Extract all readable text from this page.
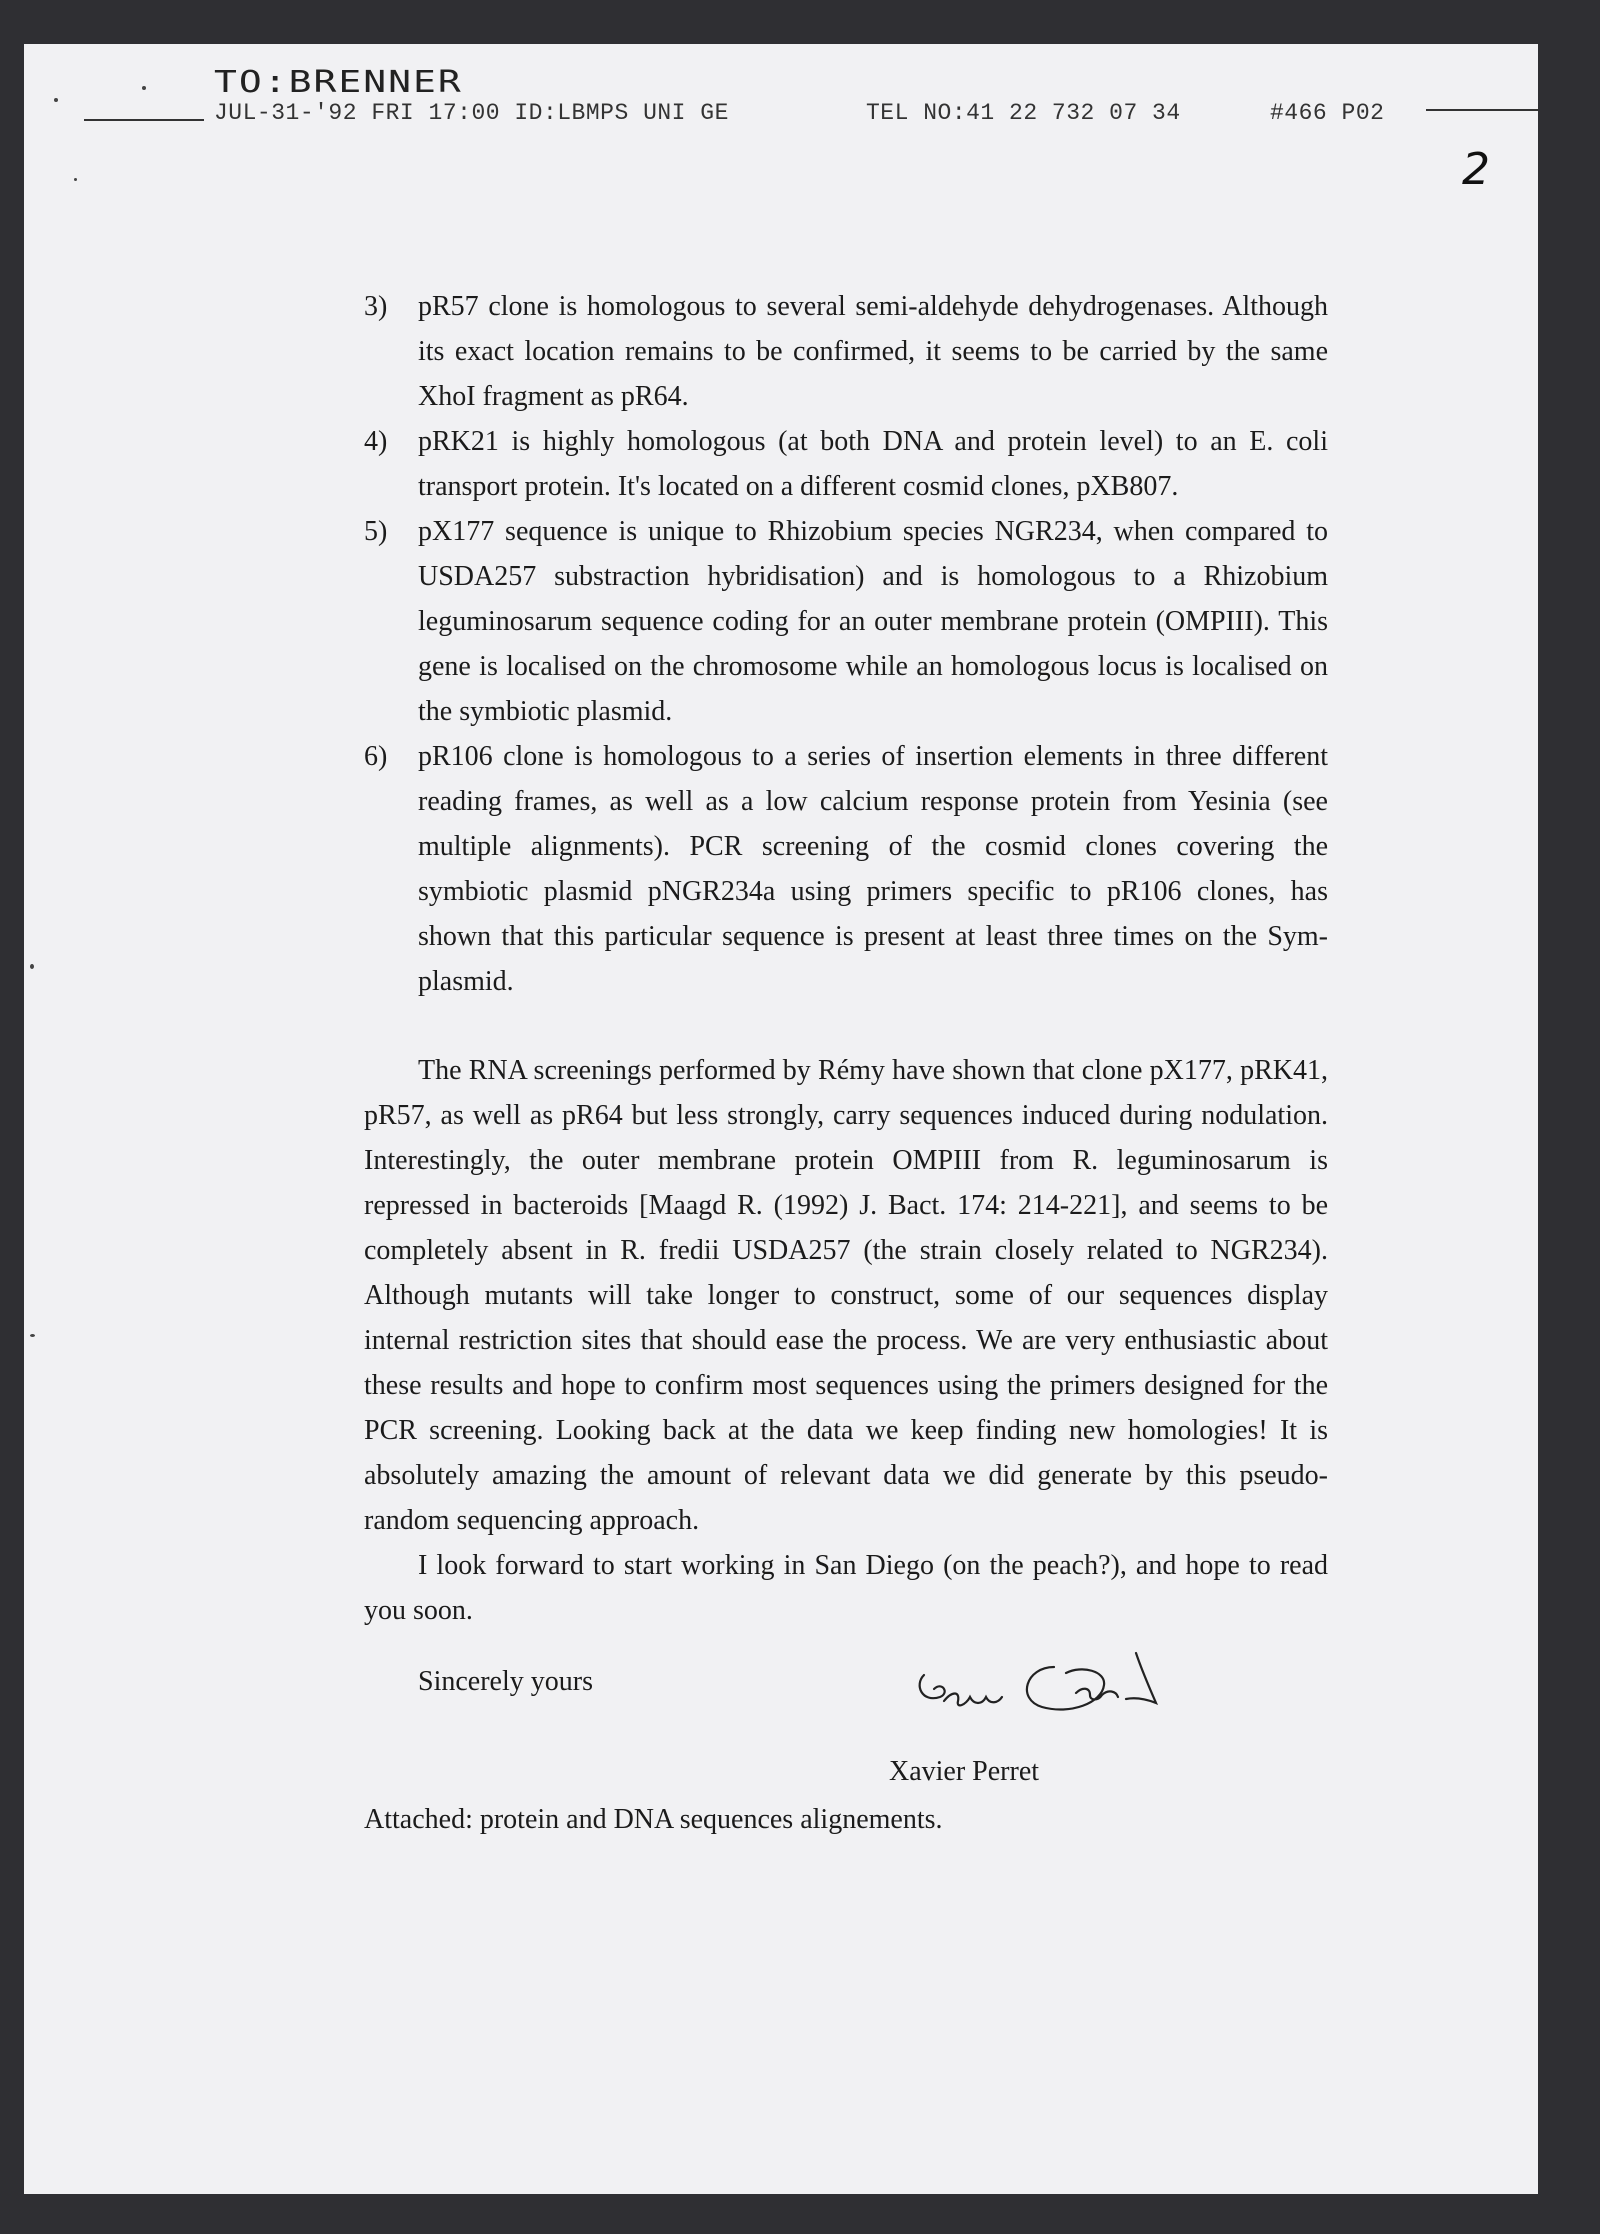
TO:BRENNER
JUL-31-'92 FRI 17:00 ID:LBMPS UNI GE	TEL NO:41 22 732 07 34	#466 P02
2
3)	pR57 clone is homologous to several semi-aldehyde dehydrogenases. Although its exact location remains to be confirmed, it seems to be carried by the same XhoI fragment as pR64.
4)	pRK21 is highly homologous (at both DNA and protein level) to an E. coli transport protein. It's located on a different cosmid clones, pXB807.
5)	pX177 sequence is unique to Rhizobium species NGR234, when compared to USDA257 substraction hybridisation) and is homologous to a Rhizobium leguminosarum sequence coding for an outer membrane protein (OMPIII). This gene is localised on the chromosome while an homologous locus is localised on the symbiotic plasmid.
6)	pR106 clone is homologous to a series of insertion elements in three different reading frames, as well as a low calcium response protein from Yesinia (see multiple alignments). PCR screening of the cosmid clones covering the symbiotic plasmid pNGR234a using primers specific to pR106 clones, has shown that this particular sequence is present at least three times on the Sym-plasmid.
The RNA screenings performed by Rémy have shown that clone pX177, pRK41, pR57, as well as pR64 but less strongly, carry sequences induced during nodulation. Interestingly, the outer membrane protein OMPIII from R. leguminosarum is repressed in bacteroids [Maagd R. (1992) J. Bact. 174: 214-221], and seems to be completely absent in R. fredii USDA257 (the strain closely related to NGR234). Although mutants will take longer to construct, some of our sequences display internal restriction sites that should ease the process. We are very enthusiastic about these results and hope to confirm most sequences using the primers designed for the PCR screening. Looking back at the data we keep finding new homologies! It is absolutely amazing the amount of relevant data we did generate by this pseudo-random sequencing approach.
I look forward to start working in San Diego (on the peach?), and hope to read you soon.
Sincerely yours
Xavier Perret
Attached: protein and DNA sequences alignements.
